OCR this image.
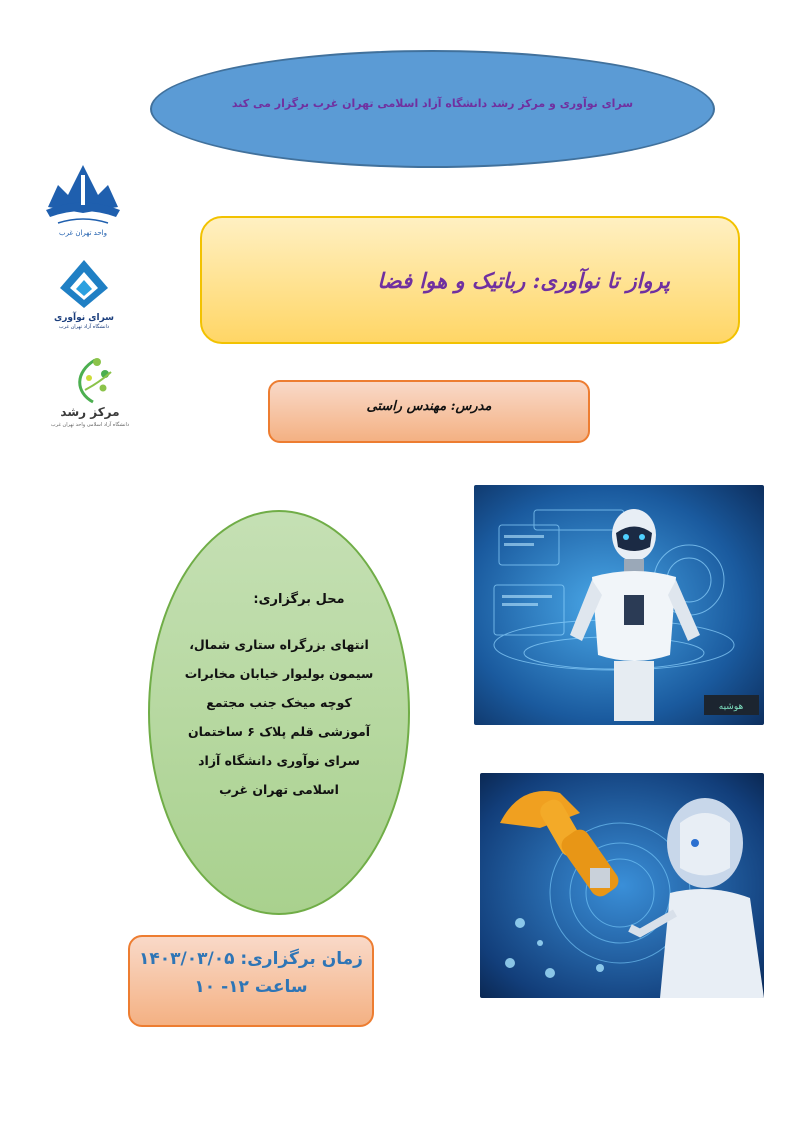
سرای نوآوری و مرکز رشد دانشگاه آزاد اسلامی تهران غرب برگزار می کند
واحد تهران غرب
سرای نوآوری
دانشگاه آزاد تهران غرب
مرکز رشد
دانشگاه آزاد اسلامی واحد تهران غرب
پرواز تا نوآوری: رباتیک و هوا فضا
مدرس: مهندس راستی
محل برگزاری:
انتهای بزرگراه ستاری شمال،
سیمون بولیوار خیابان مخابرات
کوچه میخک جنب مجتمع
آموزشی قلم پلاک ۶ ساختمان
سرای نوآوری دانشگاه آزاد
اسلامی تهران غرب
زمان برگزاری: ۱۴۰۳/۰۳/۰۵
ساعت ۱۲- ۱۰
هوشیه
